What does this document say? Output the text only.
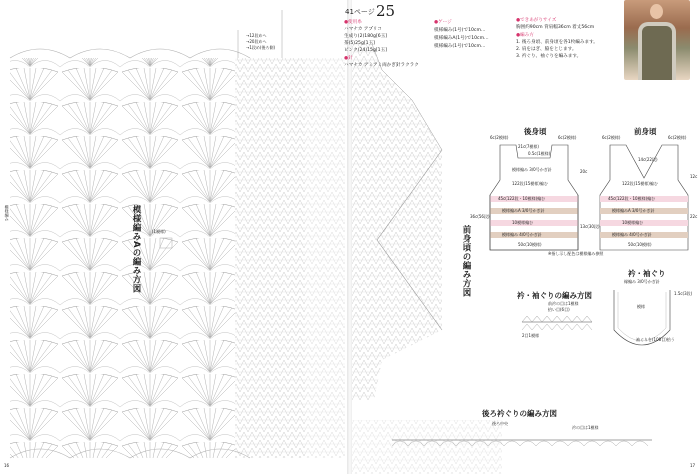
模様編みAの編み方図
→12段めへ
→20段めへ
→1段め(後ろ側)
(1模様)
模様編み
16
41ページ 25
●使用糸
ハマナカ アプリコ
生成り(2)180g[6玉]
茶(5)25g[1玉]
ピンク(24)15g[1玉]
●針
ハマナカ アミアミ両かぎ針ラクラク
●ゲージ
模様編み(1号)で10cm…
模様編みA(1号)で10cm…
模様編み(1号)で10cm…
●できあがりサイズ
胸囲約90cm 背肩幅36cm 着丈56cm
●編み方
1. 後ろ身頃、前身頃を各1枚編みます。
2. 肩をはぎ、脇をとじます。
3. 衿ぐり、袖ぐりを編みます。
後身頃
6c(2模様)
21c(7模様)
0.5c(1模様)
6c(2模様)
模様編み 3/0号かぎ針
122段(15模様)編む
45c(122段・10模様)編む
模様編みA 3/0号かぎ針
10模様編む
模様編み 4/0号かぎ針
50c(10模様)
20c
36c(56段)
13c(30段)
前身頃
6c(2模様)
14c(22段)
6c(2模様)
122段(15模様)編む
45c(122段・10模様)編む
模様編みA 3/0号かぎ針
10模様編む
模様編み 4/0号かぎ針
50c(10模様)
12c
22c
※指し示し配色は模様編み参照
前身頃の編み方図	衿・袖ぐり
縁編み 3/0号かぎ針
1.5c(3段)
模様
袖ぐりを(108目)拾う
衿・袖ぐりの編み方図
前衿の目は1模様
拾い目(6目)
2目1模様
後ろ衿ぐりの編み方図
後ろ中央
衿の目は1模様
17
